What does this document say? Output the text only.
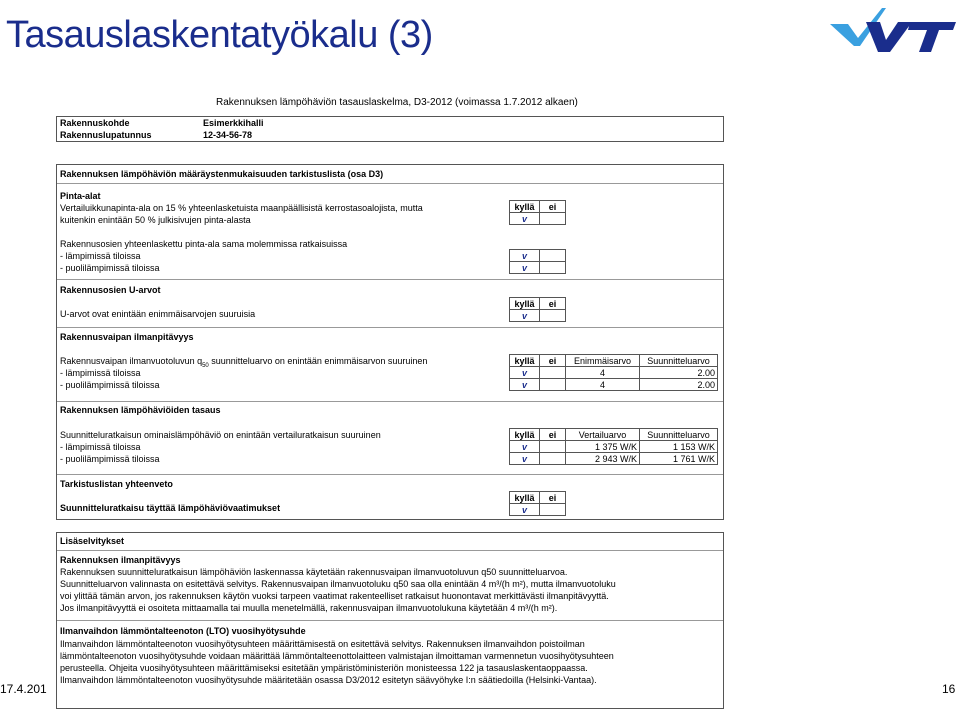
Tasauslaskentatyökalu (3)
Rakennuksen lämpöhäviön tasauslaskelma, D3-2012 (voimassa 1.7.2012 alkaen)
Rakennuskohde	Esimerkkihalli
Rakennuslupatunnus	12-34-56-78
Rakennuksen lämpöhäviön määräystenmukaisuuden tarkistuslista (osa D3)
Pinta-alat
Vertailuikkunapinta-ala on 15 % yhteenlasketuista maanpäällisistä kerrostasoalojista, mutta
kuitenkin enintään 50 % julkisivujen pinta-alasta
kyllä	ei
v	
Rakennusosien yhteenlaskettu pinta-ala sama molemmissa ratkaisuissa
- lämpimissä tiloissa
- puolilämpimissä tiloissa
v	
v	
Rakennusosien U-arvot
U-arvot ovat enintään enimmäisarvojen suuruisia
kyllä	ei
v	
Rakennusvaipan ilmanpitävyys
Rakennusvaipan ilmanvuotoluvun $q_{50}$ suunnitteluarvo on enintään enimmäisarvon suuruinen
- lämpimissä tiloissa
- puolilämpimissä tiloissa
kyllä	ei	Enimmäisarvo	Suunnitteluarvo
v		4	2.00
v		4	2.00
Rakennuksen lämpöhäviöiden tasaus
Suunnitteluratkaisun ominaislämpöhäviö on enintään vertailuratkaisun suuruinen
- lämpimissä tiloissa
- puolilämpimissä tiloissa
kyllä	ei	Vertailuarvo	Suunnitteluarvo
v		1 375 W/K	1 153 W/K
v		2 943 W/K	1 761 W/K
Tarkistuslistan yhteenveto
Suunnitteluratkaisu täyttää lämpöhäviövaatimukset
kyllä	ei
v	
Lisäselvitykset
Rakennuksen ilmanpitävyys
Rakennuksen suunnitteluratkaisun lämpöhäviön laskennassa käytetään rakennusvaipan ilmanvuotoluvun q50 suunnitteluarvoa.
Suunnitteluarvon valinnasta on esitettävä selvitys. Rakennusvaipan ilmanvuotoluku q50 saa olla enintään 4 m³/(h m²), mutta ilmanvuotoluku
voi ylittää tämän arvon, jos rakennuksen käytön vuoksi tarpeen vaatimat rakenteelliset ratkaisut huonontavat merkittävästi ilmanpitävyyttä.
Jos ilmanpitävyyttä ei osoiteta mittaamalla tai muulla menetelmällä, rakennusvaipan ilmanvuotolukuna käytetään 4 m³/(h m²).
Ilmanvaihdon lämmöntalteenoton (LTO) vuosihyötysuhde
Ilmanvaihdon lämmöntalteenoton vuosihyötysuhteen määrittämisestä on esitettävä selvitys. Rakennuksen ilmanvaihdon poistoilman
lämmöntalteenoton vuosihyötysuhde voidaan määrittää lämmöntalteenottolaitteen valmistajan ilmoittaman varmennetun vuosihyötysuhteen
perusteella. Ohjeita vuosihyötysuhteen määrittämiseksi esitetään ympäristöministeriön monisteessa 122 ja tasauslaskentaoppaassa.
Ilmanvaihdon lämmöntalteenoton vuosihyötysuhde määritetään osassa D3/2012 esitetyn säävyöhyke I:n säätiedoilla (Helsinki-Vantaa).
17.4.201	16
